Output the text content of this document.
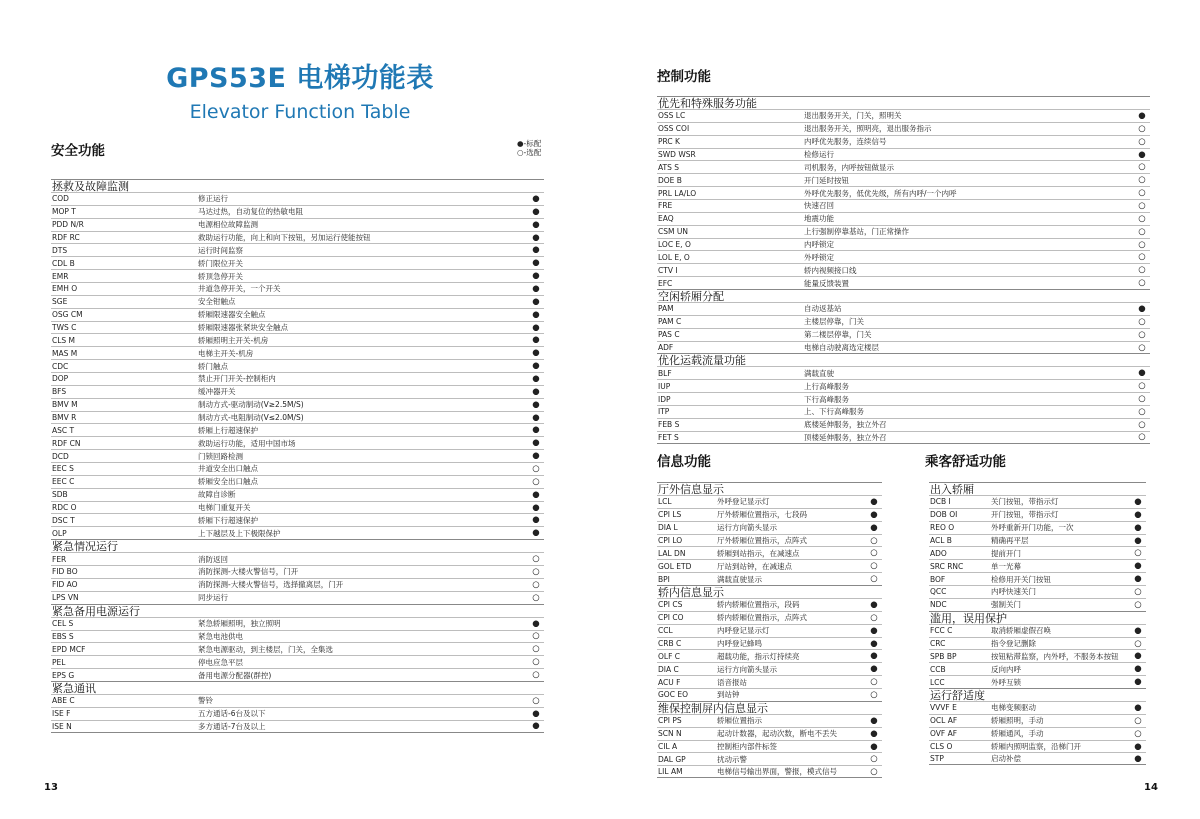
GPS53E 电梯功能表
Elevator Function Table
安全功能	●-标配
○-选配
控制功能
信息功能	乘客舒适功能
拯救及故障监测
COD	修正运行	●
MOP T	马达过热，自动复位的热敏电阻	●
PDD N/R	电源相位故障监测	●
RDF RC	救助运行功能，向上和向下按钮，另加运行使能按钮	●
DTS	运行时间监察	●
CDL B	轿门限位开关	●
EMR	轿顶急停开关	●
EMH O	井道急停开关，一个开关	●
SGE	安全钳触点	●
OSG CM	轿厢限速器安全触点	●
TWS C	轿厢限速器张紧块安全触点	●
CLS M	轿厢照明主开关-机房	●
MAS M	电梯主开关-机房	●
CDC	轿门触点	●
DOP	禁止开门开关-控制柜内	●
BFS	缓冲器开关	●
BMV M	制动方式-驱动制动(V≥2.5M/S)	●
BMV R	制动方式-电阻制动(V≤2.0M/S)	●
ASC T	轿厢上行超速保护	●
RDF CN	救助运行功能，适用中国市场	●
DCD	门锁回路检测	●
EEC S	井道安全出口触点	○
EEC C	轿厢安全出口触点	○
SDB	故障自诊断	●
RDC O	电梯门重复开关	●
DSC T	轿厢下行超速保护	●
OLP	上下越层及上下极限保护	●
紧急情况运行
FER	消防返回	○
FID BO	消防探测-大楼火警信号，门开	○
FID AO	消防探测-大楼火警信号，选择撤离层，门开	○
LPS VN	同步运行	○
紧急备用电源运行
CEL S	紧急轿厢照明，独立照明	●
EBS S	紧急电池供电	○
EPD MCF	紧急电源驱动，到主楼层，门关，全集选	○
PEL	停电应急平层	○
EPS G	备用电源分配器(群控)	○
紧急通讯
ABE C	警铃	○
ISE F	五方通话-6台及以下	●
ISE N	多方通话-7台及以上	●
优先和特殊服务功能
OSS LC	退出服务开关，门关，照明关	●
OSS COI	退出服务开关，照明亮，退出服务指示	○
PRC K	内呼优先服务，连续信号	○
SWD WSR	检修运行	●
ATS S	司机服务，内呼按钮做显示	○
DOE B	开门延时按钮	○
PRL LA/LO	外呼优先服务，低优先级，所有内呼/一个内呼	○
FRE	快速召回	○
EAQ	地震功能	○
CSM UN	上行强制停靠基站，门正常操作	○
LOC E, O	内呼锁定	○
LOL E, O	外呼锁定	○
CTV I	轿内视频接口线	○
EFC	能量反馈装置	○
空闲轿厢分配
PAM	自动返基站	●
PAM C	主楼层停靠，门关	○
PAS C	第二楼层停靠，门关	○
ADF	电梯自动驶离选定楼层	○
优化运载流量功能
BLF	满载直驶	●
IUP	上行高峰服务	○
IDP	下行高峰服务	○
ITP	上、下行高峰服务	○
FEB S	底楼延伸服务，独立外召	○
FET S	顶楼延伸服务，独立外召	○
厅外信息显示
LCL	外呼登记显示灯	●
CPI LS	厅外轿厢位置指示，七段码	●
DIA L	运行方向箭头显示	●
CPI LO	厅外轿厢位置指示，点阵式	○
LAL DN	轿厢到站指示，在减速点	○
GOL ETD	厅站到站钟，在减速点	○
BPI	满载直驶显示	○
轿内信息显示
CPI CS	轿内轿厢位置指示，段码	●
CPI CO	轿内轿厢位置指示，点阵式	○
CCL	内呼登记显示灯	●
CRB C	内呼登记蜂鸣	●
OLF C	超载功能，指示灯持续亮	●
DIA C	运行方向箭头显示	●
ACU F	语音报站	○
GOC EO	到站钟	○
维保控制屏内信息显示
CPI PS	轿厢位置指示	●
SCN N	起动计数器，起动次数，断电不丢失	●
CIL A	控制柜内部件标签	●
DAL GP	扰动示警	○
LIL AM	电梯信号输出界面，警报，模式信号	○
出入轿厢
DCB I	关门按钮，带指示灯	●
DOB OI	开门按钮，带指示灯	●
REO O	外呼重新开门功能，一次	●
ACL B	精确再平层	●
ADO	提前开门	○
SRC RNC	单一光幕	●
BOF	检修用开关门按钮	●
QCC	内呼快速关门	○
NDC	强制关门	○
滥用，误用保护
FCC C	取消轿厢虚假召唤	●
CRC	指令登记删除	○
SPB BP	按钮粘滞监察，内外呼，不服务本按钮	●
CCB	反向内呼	●
LCC	外呼互锁	●
运行舒适度
VVVF E	电梯变频驱动	●
OCL AF	轿厢照明，手动	○
OVF AF	轿厢通风，手动	○
CLS O	轿厢内照明监察，沿梯门开	●
STP	启动补偿	●
13	14
